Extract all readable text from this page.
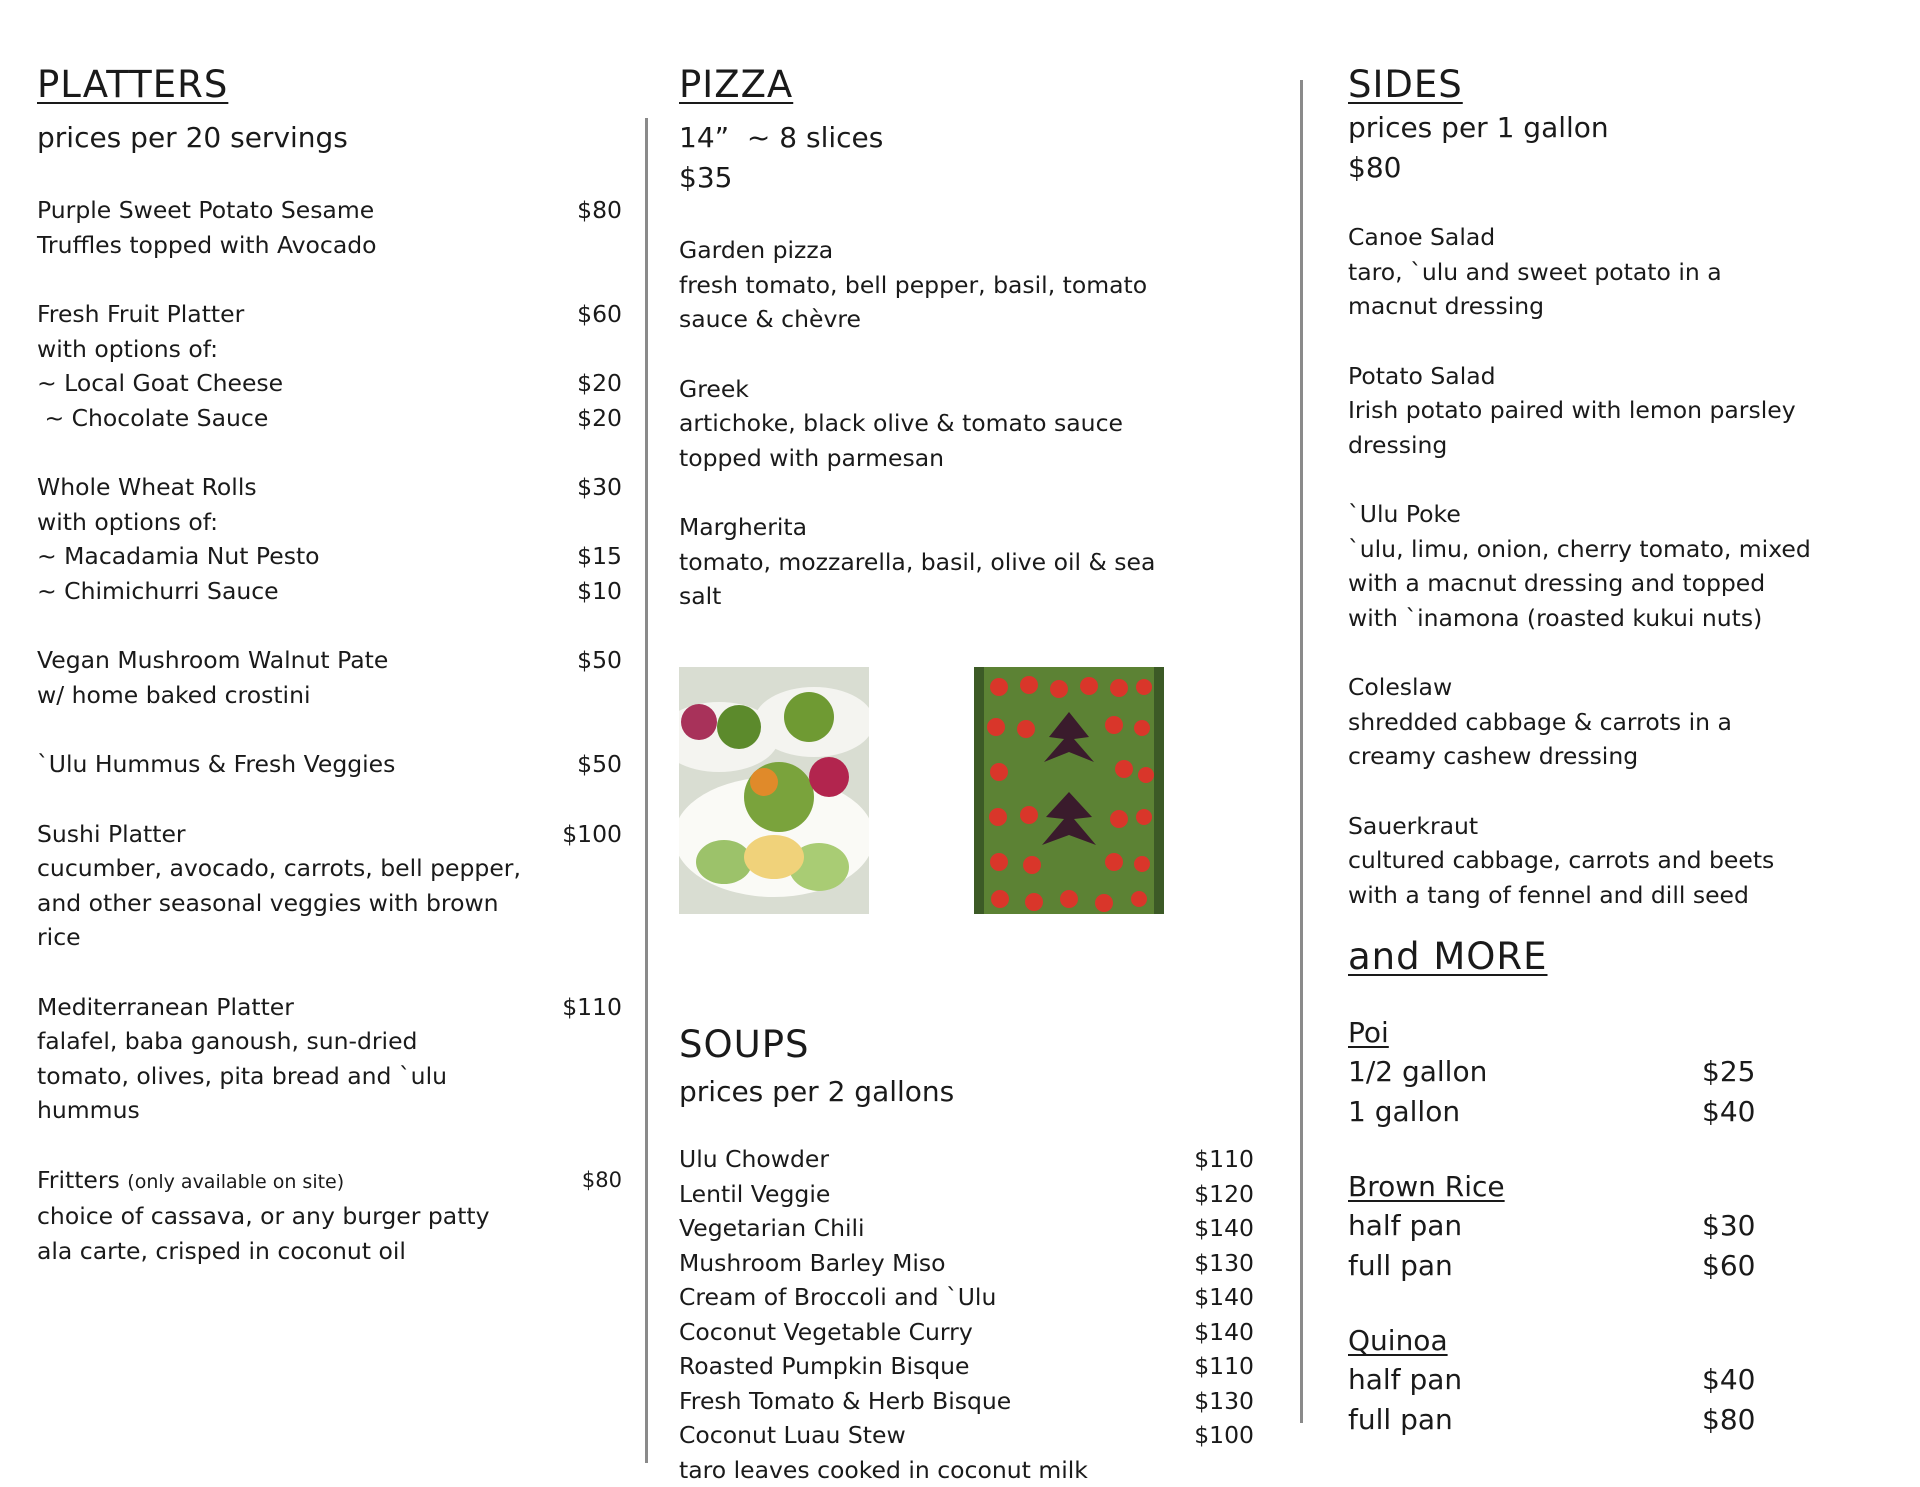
PLATTERS

prices per 20 servings

Purple Sweet Potato Sesame	$80
Truffles topped with Avocado
Fresh Fruit Platter	$60
with options of:
~ Local Goat Cheese	$20
~ Chocolate Sauce	$20
Whole Wheat Rolls	$30
with options of:
~ Macadamia Nut Pesto	$15
~ Chimichurri Sauce	$10
Vegan Mushroom Walnut Pate	$50
w/ home baked crostini
`Ulu Hummus & Fresh Veggies	$50
Sushi Platter	$100
cucumber, avocado, carrots, bell pepper,
and other seasonal veggies with brown
rice
Mediterranean Platter	$110
falafel, baba ganoush, sun-dried
tomato, olives, pita bread and `ulu
hummus
Fritters (only available on site)	$80
choice of cassava, or any burger patty
ala carte, crisped in coconut oil
PIZZA
14”  ~ 8 slices
$35
Garden pizza
fresh tomato, bell pepper, basil, tomato
sauce & chèvre
Greek
artichoke, black olive & tomato sauce
topped with parmesan
Margherita
tomato, mozzarella, basil, olive oil & sea
salt
SOUPS

prices per 2 gallons

Ulu Chowder	$110
Lentil Veggie	$120
Vegetarian Chili	$140
Mushroom Barley Miso	$130
Cream of Broccoli and `Ulu	$140
Coconut Vegetable Curry	$140
Roasted Pumpkin Bisque	$110
Fresh Tomato & Herb Bisque	$130
Coconut Luau Stew	$100
taro leaves cooked in coconut milk
SIDES

prices per 1 gallon

$80

Canoe Salad
taro, `ulu and sweet potato in a
macnut dressing
Potato Salad
Irish potato paired with lemon parsley
dressing
`Ulu Poke
`ulu, limu, onion, cherry tomato, mixed
with a macnut dressing and topped
with `inamona (roasted kukui nuts)
Coleslaw
shredded cabbage & carrots in a
creamy cashew dressing
Sauerkraut
cultured cabbage, carrots and beets
with a tang of fennel and dill seed
and MORE
Poi
1/2 gallon	$25
1 gallon	$40
Brown Rice
half pan	$30
full pan	$60
Quinoa
half pan	$40
full pan	$80
